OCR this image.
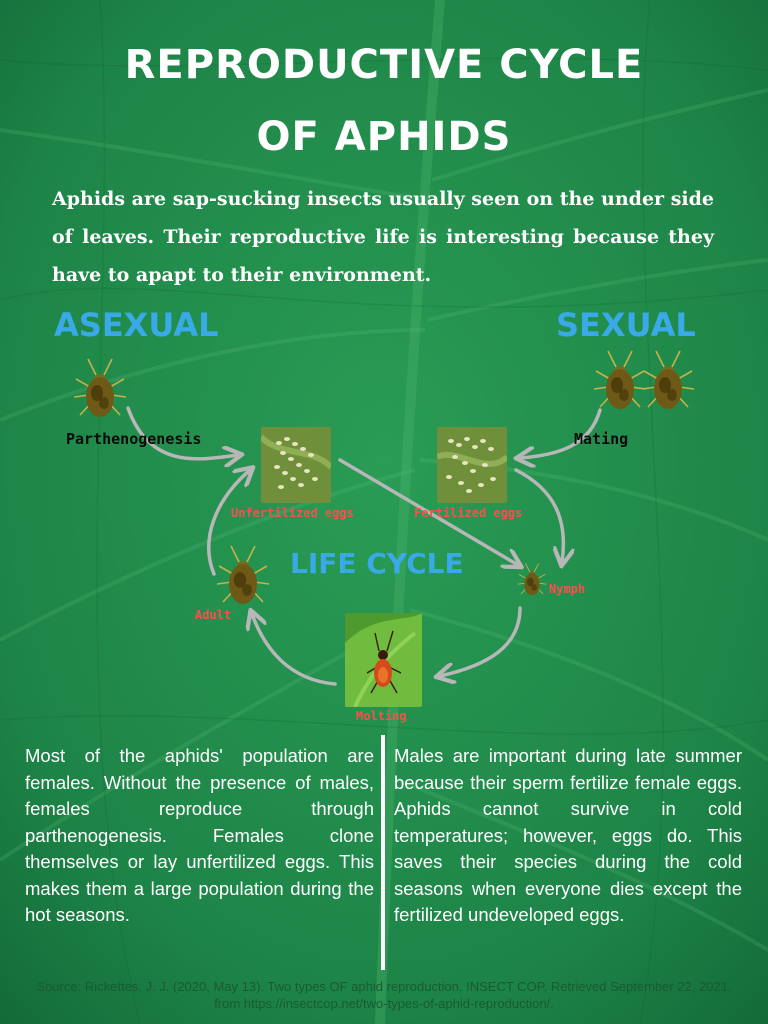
REPRODUCTIVE CYCLE
OF APHIDS
Aphids are sap-sucking insects usually seen on the under side of leaves. Their reproductive life is interesting because they have to apapt to their environment.
ASEXUAL	SEXUAL
LIFE CYCLE
Parthenogenesis	Mating
Unfertilized eggs	Fertilized eggs
Nymph
Adult
Molting
Most of the aphids' population are females. Without the presence of males, females reproduce through parthenogenesis. Females clone themselves or lay unfertilized eggs. This makes them a large population during the hot seasons.
Males are important during late summer because their sperm fertilize female eggs. Aphids cannot survive in cold temperatures; however, eggs do. This saves their species during the cold seasons when everyone dies except the fertilized undeveloped eggs.
Source: Rickettes, J. J. (2020, May 13). Two types OF aphid reproduction. INSECT COP. Retrieved September 22, 2021,
from https://insectcop.net/two-types-of-aphid-reproduction/.
